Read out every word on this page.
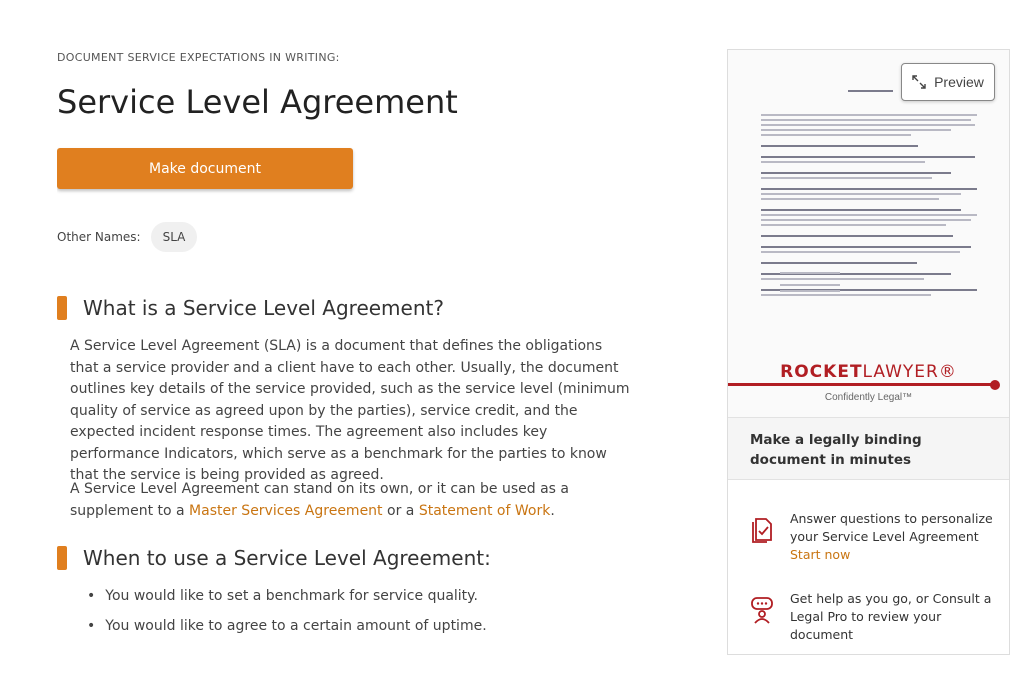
DOCUMENT SERVICE EXPECTATIONS IN WRITING:
Service Level Agreement
Make document
Other Names:	SLA
What is a Service Level Agreement?

A Service Level Agreement (SLA) is a document that defines the obligations that a service provider and a client have to each other. Usually, the document outlines key details of the service provided, such as the service level (minimum quality of service as agreed upon by the parties), service credit, and the expected incident response times. The agreement also includes key performance Indicators, which serve as a benchmark for the parties to know that the service is being provided as agreed.

A Service Level Agreement can stand on its own, or it can be used as a supplement to a Master Services Agreement or a Statement of Work.

When to use a Service Level Agreement:
• You would like to set a benchmark for service quality.
• You would like to agree to a certain amount of uptime.
Preview
ROCKETLAWYER®
Confidently Legal™
Make a legally binding document in minutes
Answer questions to personalize your Service Level Agreement
Start now
Get help as you go, or Consult a Legal Pro to review your document
